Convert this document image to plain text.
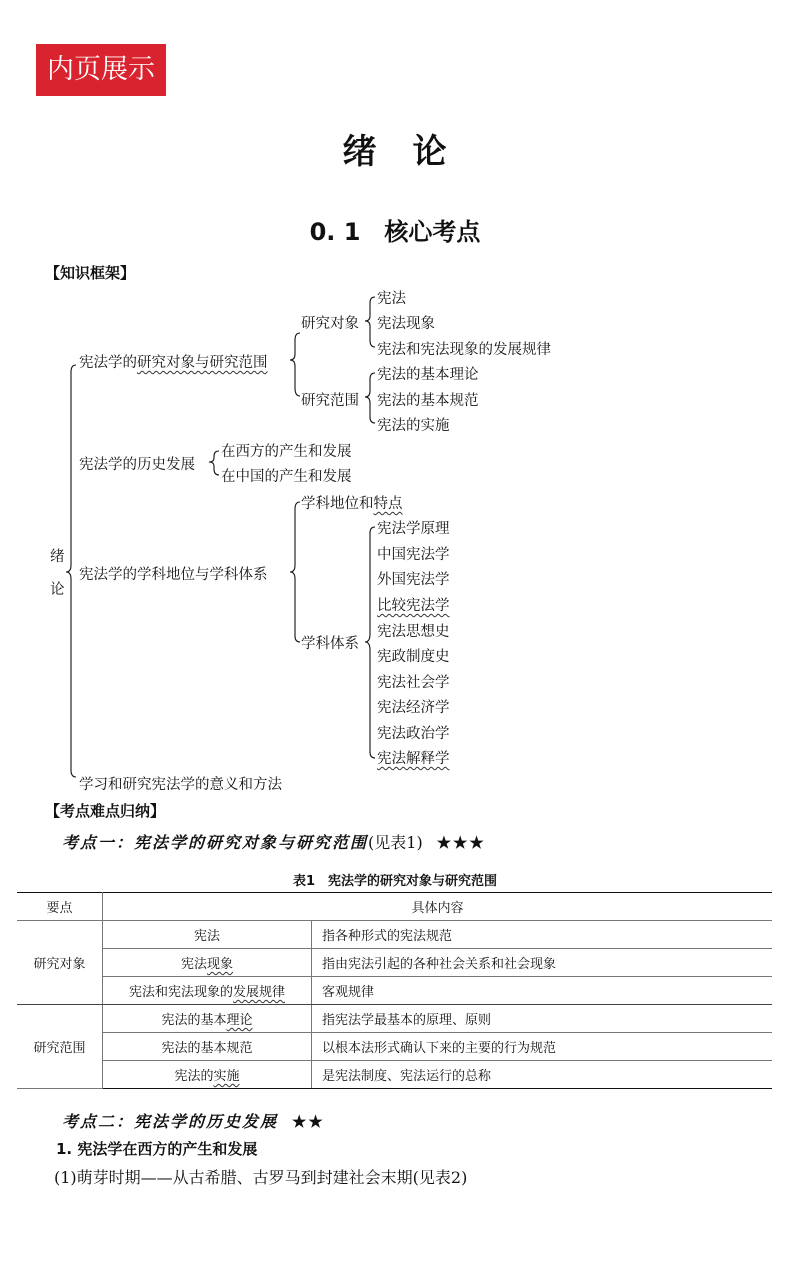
内页展示
绪　论
0. 1　核心考点
【知识框架】
绪
论
宪法学的研究对象与研究范围
研究对象
宪法
宪法现象
宪法和宪法现象的发展规律
研究范围
宪法的基本理论
宪法的基本规范
宪法的实施
宪法学的历史发展
在西方的产生和发展
在中国的产生和发展
宪法学的学科地位与学科体系
学科地位和特点
学科体系
宪法学原理
中国宪法学
外国宪法学
比较宪法学
宪法思想史
宪政制度史
宪法社会学
宪法经济学
宪法政治学
宪法解释学
学习和研究宪法学的意义和方法
【考点难点归纳】
考点一：宪法学的研究对象与研究范围(见表1) ★★★
表1　宪法学的研究对象与研究范围
要点	具体内容	
研究对象	宪法	指各种形式的宪法规范
	宪法现象	指由宪法引起的各种社会关系和社会现象
	宪法和宪法现象的发展规律	客观规律
研究范围	宪法的基本理论	指宪法学最基本的原理、原则
	宪法的基本规范	以根本法形式确认下来的主要的行为规范
	宪法的实施	是宪法制度、宪法运行的总称
考点二：宪法学的历史发展 ★★
1. 宪法学在西方的产生和发展
(1)萌芽时期——从古希腊、古罗马到封建社会末期(见表2)
